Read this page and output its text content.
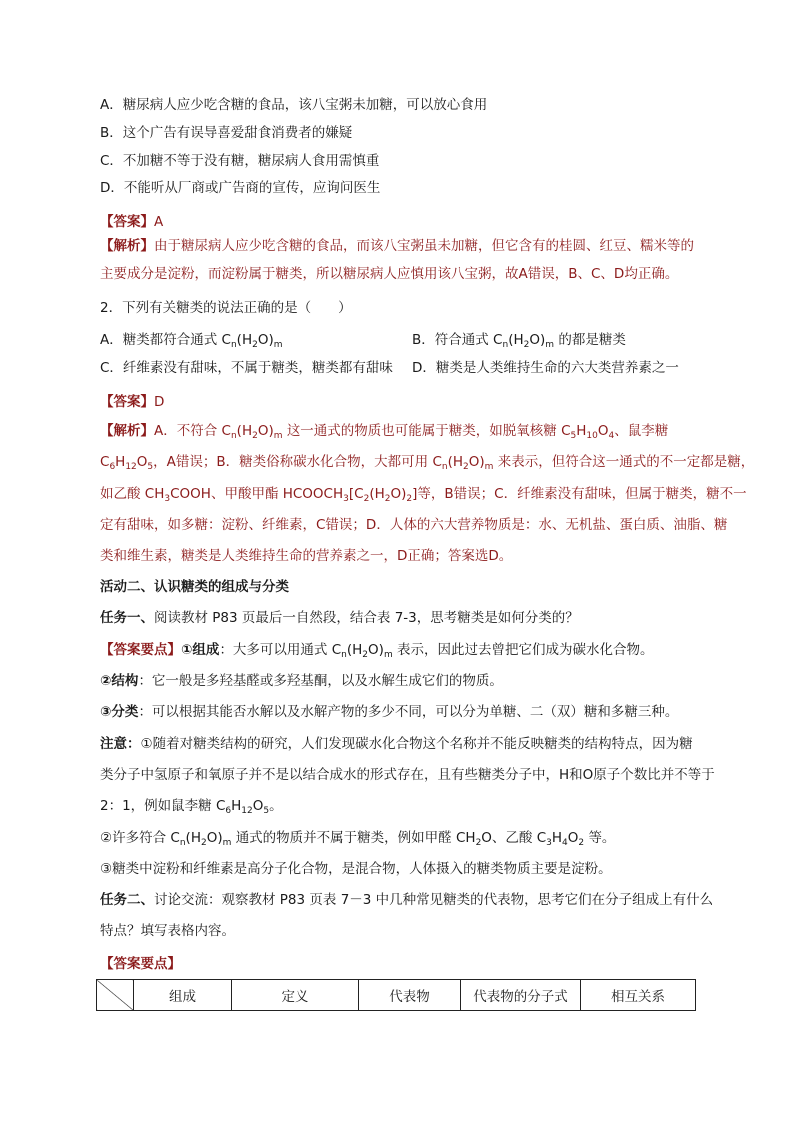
A．糖尿病人应少吃含糖的食品，该八宝粥未加糖，可以放心食用
B．这个广告有误导喜爱甜食消费者的嫌疑
C．不加糖不等于没有糖，糖尿病人食用需慎重
D．不能听从厂商或广告商的宣传，应询问医生
【答案】A
【解析】由于糖尿病人应少吃含糖的食品，而该八宝粥虽未加糖，但它含有的桂圆、红豆、糯米等的
主要成分是淀粉，而淀粉属于糖类，所以糖尿病人应慎用该八宝粥，故A错误，B、C、D均正确。
2．下列有关糖类的说法正确的是（　　）
A．糖类都符合通式 $C_n(H_2O)_m$	B．符合通式 $C_n(H_2O)_m$ 的都是糖类
C．纤维素没有甜味，不属于糖类，糖类都有甜味 D．糖类是人类维持生命的六大类营养素之一
【答案】D
【解析】A．不符合 $C_n(H_2O)_m$ 这一通式的物质也可能属于糖类，如脱氧核糖 $C_5H_{10}O_4$、鼠李糖
$C_6H_{12}O_5$，A错误；B．糖类俗称碳水化合物，大都可用 $C_n(H_2O)_m$ 来表示，但符合这一通式的不一定都是糖，
如乙酸 $CH_3COOH$、甲酸甲酯 $HCOOCH_3[C_2(H_2O)_2]$等，B错误；C．纤维素没有甜味，但属于糖类，糖不一
定有甜味，如多糖：淀粉、纤维素，C错误；D．人体的六大营养物质是：水、无机盐、蛋白质、油脂、糖
类和维生素，糖类是人类维持生命的营养素之一，D正确；答案选D。
活动二、认识糖类的组成与分类
任务一、阅读教材 P83 页最后一自然段，结合表 7-3，思考糖类是如何分类的？
【答案要点】①组成：大多可以用通式 $C_n(H_2O)_m$ 表示，因此过去曾把它们成为碳水化合物。
②结构：它一般是多羟基醛或多羟基酮，以及水解生成它们的物质。
③分类：可以根据其能否水解以及水解产物的多少不同，可以分为单糖、二（双）糖和多糖三种。
注意：①随着对糖类结构的研究，人们发现碳水化合物这个名称并不能反映糖类的结构特点，因为糖
类分子中氢原子和氧原子并不是以结合成水的形式存在，且有些糖类分子中，H和O原子个数比并不等于
2：1，例如鼠李糖 $C_6H_{12}O_5$。
②许多符合 $C_n(H_2O)_m$ 通式的物质并不属于糖类，例如甲醛 $CH_2O$、乙酸 $C_3H_4O_2$ 等。
③糖类中淀粉和纤维素是高分子化合物，是混合物，人体摄入的糖类物质主要是淀粉。
任务二、讨论交流：观察教材 P83 页表 7－3 中几种常见糖类的代表物，思考它们在分子组成上有什么
特点？填写表格内容。
【答案要点】
	组成	定义	代表物	代表物的分子式	相互关系
